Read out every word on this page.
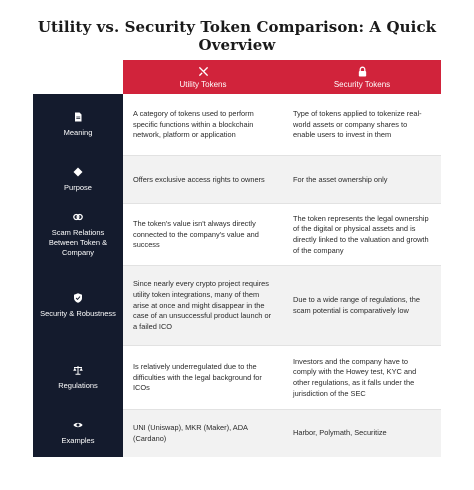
Utility vs. Security Token Comparison: A Quick Overview
Utility Tokens	Security Tokens
Meaning
A category of tokens used to perform specific functions within a blockchain network, platform or application
Type of tokens applied to tokenize real-world assets or company shares to enable users to invest in them
Purpose
Offers exclusive access rights to owners	For the asset ownership only
Scam Relations Between Token & Company
The token's value isn't always directly connected to the company's value and success
The token represents the legal ownership of the digital or physical assets and is directly linked to the valuation and growth of the company
Security & Robustness
Since nearly every crypto project requires utility token integrations, many of them arise at once and might disappear in the case of an unsuccessful product launch or a failed ICO
Due to a wide range of regulations, the scam potential is comparatively low
Regulations
Is relatively underregulated due to the difficulties with the legal background for ICOs
Investors and the company have to comply with the Howey test, KYC and other regulations, as it falls under the jurisdiction of the SEC
Examples
UNI (Uniswap), MKR (Maker), ADA (Cardano)
Harbor, Polymath, Securitize
